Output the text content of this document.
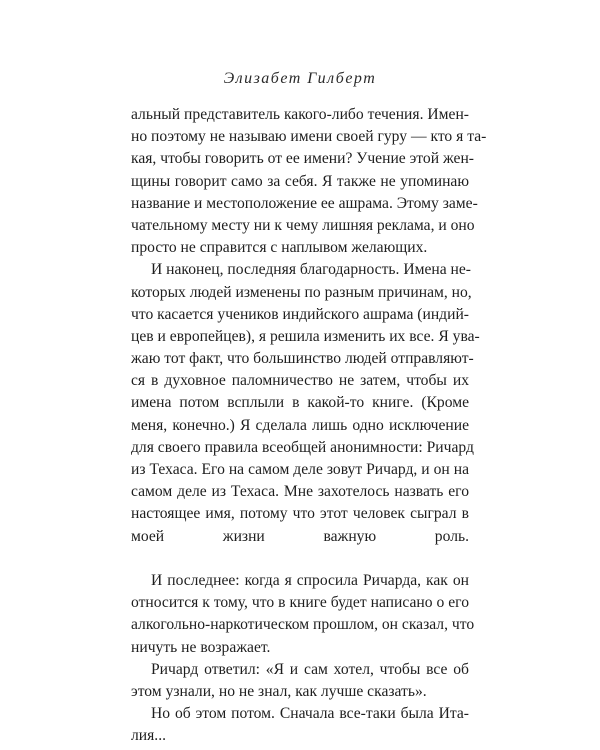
Элизабет Гилберт
альный представитель какого-либо течения. Имен-
но поэтому не называю имени своей гуру — кто я та-
кая, чтобы говорить от ее имени? Учение этой жен-
щины говорит само за себя. Я также не упоминаю
название и местоположение ее ашрама. Этому заме-
чательному месту ни к чему лишняя реклама, и оно
просто не справится с наплывом желающих.
И наконец, последняя благодарность. Имена не-
которых людей изменены по разным причинам, но,
что касается учеников индийского ашрама (индий-
цев и европейцев), я решила изменить их все. Я ува-
жаю тот факт, что большинство людей отправляют-
ся в духовное паломничество не затем, чтобы их
имена потом всплыли в какой-то книге. (Кроме
меня, конечно.) Я сделала лишь одно исключение
для своего правила всеобщей анонимности: Ричард
из Техаса. Его на самом деле зовут Ричард, и он на
самом деле из Техаса. Мне захотелось назвать его
настоящее имя, потому что этот человек сыграл в
моей жизни важную роль.
И последнее: когда я спросила Ричарда, как он
относится к тому, что в книге будет написано о его
алкогольно-наркотическом прошлом, он сказал, что
ничуть не возражает.
Ричард ответил: «Я и сам хотел, чтобы все об
этом узнали, но не знал, как лучше сказать».
Но об этом потом. Сначала все-таки была Ита-
лия...
